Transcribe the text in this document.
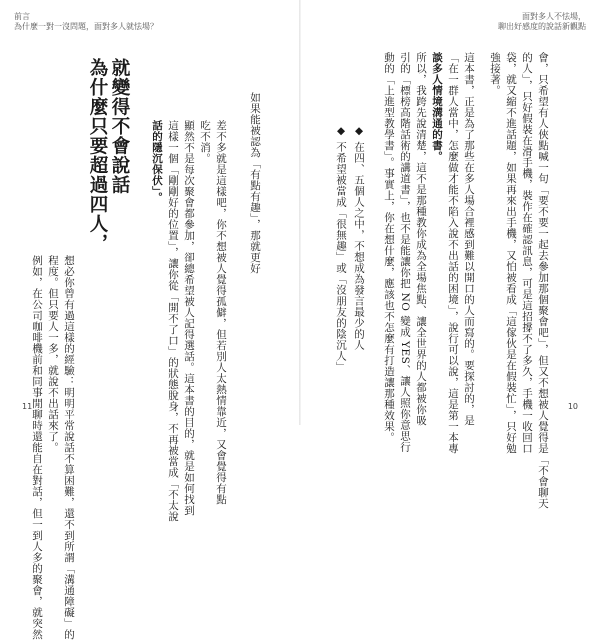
前言
為什麼一對一沒問題，面對多人就怯場？
例如，在公司咖啡機前和同事閒聊時還能自在對話，但一到人多的聚會，就突然 程度。但只要人一多，就說不出話來了。 想必你曾有過這樣的經驗：明明平常說話不算困難，還不到所謂「溝通障礙」的
就變得不會說話
為什麼只要超過四人，	話的隱沉保伏」。 這樣一個「剛剛好的位置」，讓你從「開不了口」的狀態脫身，不再被當成「不太說 顯然不是每次聚會都參加，卻總希望被人記得選話。這本書的目的，就是如何找到 吃不消。 差不多就是這樣吧，你不想被人覺得孤僻，但若別人太熱情靠近，又會覺得有點 如果能被認為「有點有趣」，那就更好
11
面對多人不怯場，
聊出好感度的說話新觀點
◆ 不希望被當成「很無趣」或「沒朋友的陰沉人」
◆ 在四、五個人之中，不想成為發言最少的人 動的「上進型教學書」。事實上，你在想什麼，應該也不怎麼有打造讓那種效果。 引的「標榜高階話術的講道書」，也不是能讓你把 NO 變成 YES、讓人照你意思行 所以，我跨先說清楚，這不是那種教你成為全場焦點、讓全世界的人都被你吸 談多人情境溝通的書。 「在一群人當中，怎麼做才能不陷入說不出話的困境」，說行可以說，這是第一本專 這本書，正是為了那些在多人場合裡感到難以開口的人而寫的。要探討的，是 強接著。 袋，就又縮不進話題，如果再來出手機，又怕被看成「這傢伙是在假裝忙」，只好勉 的人」，只好假裝在滑手機，裝作在確認訊息，可是這招撐不了多久，手機一收回口 會，只希望有人俠點喊一句「要不要一起去參加那個聚會吧」，但又不想被人覺得是「不會聊天 10
